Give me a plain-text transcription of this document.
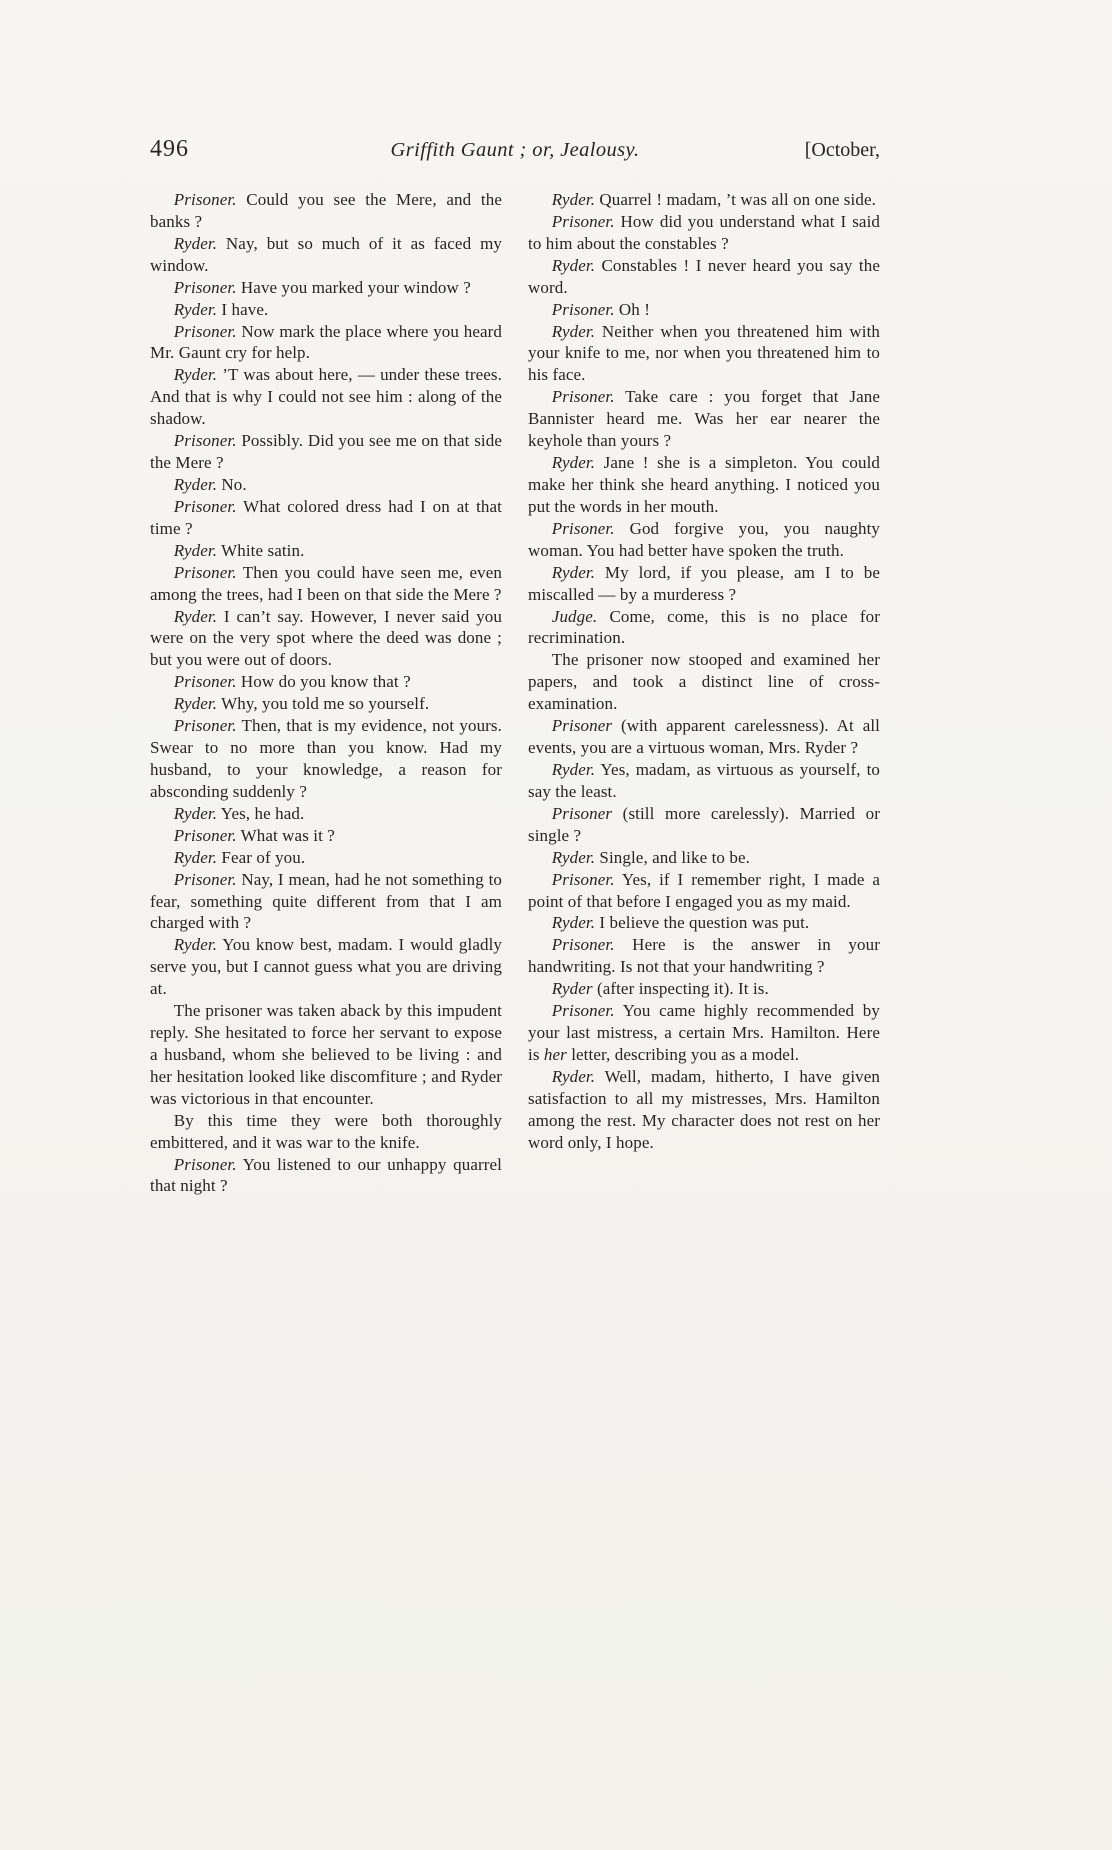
496	Griffith Gaunt ; or, Jealousy.	[October,

Prisoner. Could you see the Mere, and the banks ?

Ryder. Nay, but so much of it as faced my window.

Prisoner. Have you marked your window ?

Ryder. I have.

Prisoner. Now mark the place where you heard Mr. Gaunt cry for help.

Ryder. ’T was about here, — under these trees. And that is why I could not see him : along of the shadow.

Prisoner. Possibly. Did you see me on that side the Mere ?

Ryder. No.

Prisoner. What colored dress had I on at that time ?

Ryder. White satin.

Prisoner. Then you could have seen me, even among the trees, had I been on that side the Mere ?

Ryder. I can’t say. However, I never said you were on the very spot where the deed was done ; but you were out of doors.

Prisoner. How do you know that ?

Ryder. Why, you told me so yourself.

Prisoner. Then, that is my evidence, not yours. Swear to no more than you know. Had my husband, to your knowledge, a reason for absconding suddenly ?

Ryder. Yes, he had.

Prisoner. What was it ?

Ryder. Fear of you.

Prisoner. Nay, I mean, had he not something to fear, something quite different from that I am charged with ?

Ryder. You know best, madam. I would gladly serve you, but I cannot guess what you are driving at.

The prisoner was taken aback by this impudent reply. She hesitated to force her servant to expose a husband, whom she believed to be living : and her hesitation looked like discomfiture ; and Ryder was victorious in that encounter.

By this time they were both thoroughly embittered, and it was war to the knife.

Prisoner. You listened to our unhappy quarrel that night ?

Ryder. Quarrel ! madam, ’t was all on one side.

Prisoner. How did you understand what I said to him about the constables ?

Ryder. Constables ! I never heard you say the word.

Prisoner. Oh !

Ryder. Neither when you threatened him with your knife to me, nor when you threatened him to his face.

Prisoner. Take care : you forget that Jane Bannister heard me. Was her ear nearer the keyhole than yours ?

Ryder. Jane ! she is a simpleton. You could make her think she heard anything. I noticed you put the words in her mouth.

Prisoner. God forgive you, you naughty woman. You had better have spoken the truth.

Ryder. My lord, if you please, am I to be miscalled — by a murderess ?

Judge. Come, come, this is no place for recrimination.

The prisoner now stooped and examined her papers, and took a distinct line of cross-examination.

Prisoner (with apparent carelessness). At all events, you are a virtuous woman, Mrs. Ryder ?

Ryder. Yes, madam, as virtuous as yourself, to say the least.

Prisoner (still more carelessly). Married or single ?

Ryder. Single, and like to be.

Prisoner. Yes, if I remember right, I made a point of that before I engaged you as my maid.

Ryder. I believe the question was put.

Prisoner. Here is the answer in your handwriting. Is not that your handwriting ?

Ryder (after inspecting it). It is.

Prisoner. You came highly recommended by your last mistress, a certain Mrs. Hamilton. Here is her letter, describing you as a model.

Ryder. Well, madam, hitherto, I have given satisfaction to all my mistresses, Mrs. Hamilton among the rest. My character does not rest on her word only, I hope.
